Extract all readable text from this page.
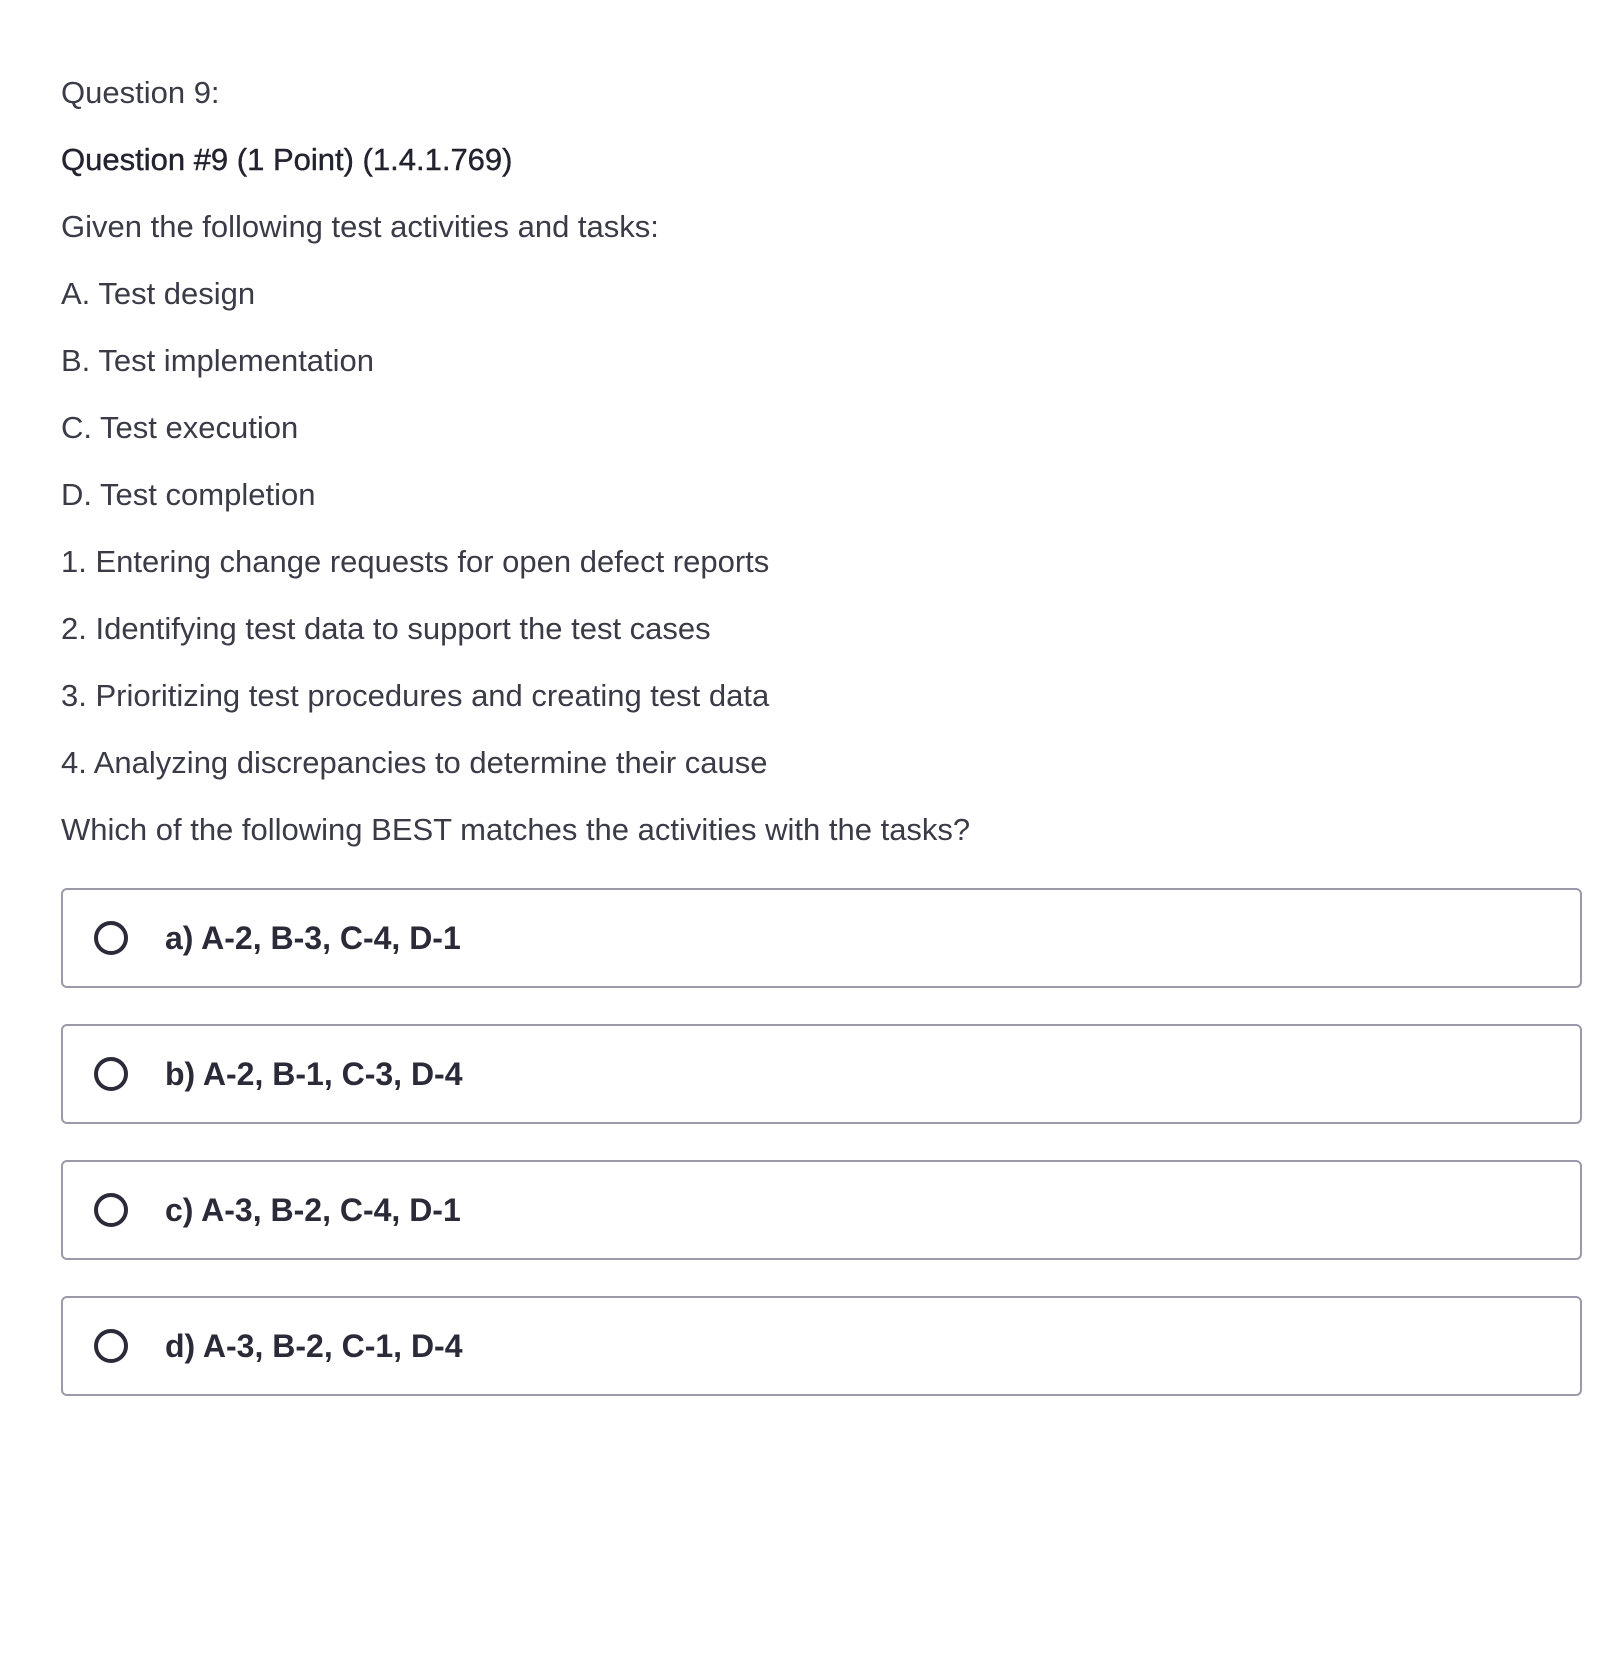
Question 9:
Question #9 (1 Point) (1.4.1.769)
Given the following test activities and tasks:
A. Test design
B. Test implementation
C. Test execution
D. Test completion
1. Entering change requests for open defect reports
2. Identifying test data to support the test cases
3. Prioritizing test procedures and creating test data
4. Analyzing discrepancies to determine their cause
Which of the following BEST matches the activities with the tasks?
a) A-2, B-3, C-4, D-1
b) A-2, B-1, C-3, D-4
c) A-3, B-2, C-4, D-1
d) A-3, B-2, C-1, D-4
